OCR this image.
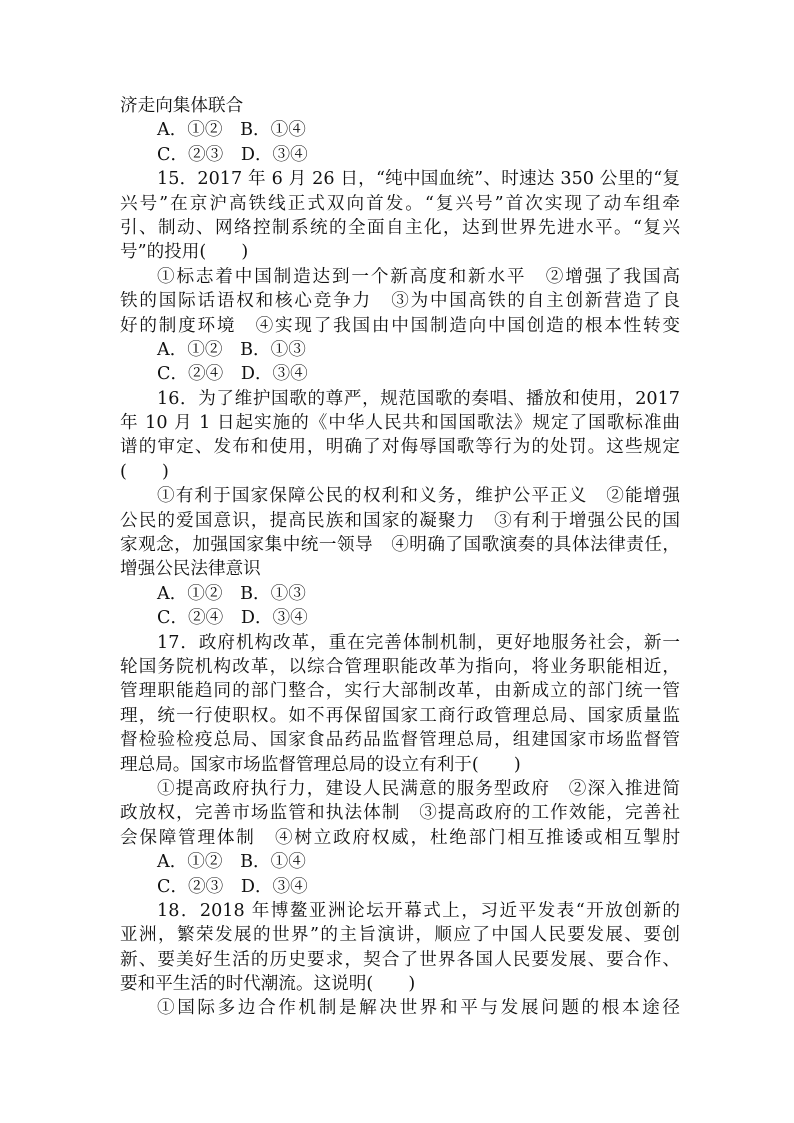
济走向集体联合
A．①②　B．①④
C．②③　D．③④
15．2017 年 6 月 26 日，“纯中国血统”、时速达 350 公里的“复
兴号”在京沪高铁线正式双向首发。“复兴号”首次实现了动车组牵
引、制动、网络控制系统的全面自主化，达到世界先进水平。“复兴
号”的投用(　　)
①标志着中国制造达到一个新高度和新水平　②增强了我国高
铁的国际话语权和核心竞争力　③为中国高铁的自主创新营造了良
好的制度环境　④实现了我国由中国制造向中国创造的根本性转变
A．①②　B．①③
C．②④　D．③④
16．为了维护国歌的尊严，规范国歌的奏唱、播放和使用，2017
年 10 月 1 日起实施的《中华人民共和国国歌法》规定了国歌标准曲
谱的审定、发布和使用，明确了对侮辱国歌等行为的处罚。这些规定
(　　)
①有利于国家保障公民的权利和义务，维护公平正义　②能增强
公民的爱国意识，提高民族和国家的凝聚力　③有利于增强公民的国
家观念，加强国家集中统一领导　④明确了国歌演奏的具体法律责任，
增强公民法律意识
A．①②　B．①③
C．②④　D．③④
17．政府机构改革，重在完善体制机制，更好地服务社会，新一
轮国务院机构改革，以综合管理职能改革为指向，将业务职能相近，
管理职能趋同的部门整合，实行大部制改革，由新成立的部门统一管
理，统一行使职权。如不再保留国家工商行政管理总局、国家质量监
督检验检疫总局、国家食品药品监督管理总局，组建国家市场监督管
理总局。国家市场监督管理总局的设立有利于(　　)
①提高政府执行力，建设人民满意的服务型政府　②深入推进简
政放权，完善市场监管和执法体制　③提高政府的工作效能，完善社
会保障管理体制　④树立政府权威，杜绝部门相互推诿或相互掣肘
A．①②　B．①④
C．②③　D．③④
18．2018 年博鳌亚洲论坛开幕式上，习近平发表“开放创新的
亚洲，繁荣发展的世界”的主旨演讲，顺应了中国人民要发展、要创
新、要美好生活的历史要求，契合了世界各国人民要发展、要合作、
要和平生活的时代潮流。这说明(　　)
①国际多边合作机制是解决世界和平与发展问题的根本途径
